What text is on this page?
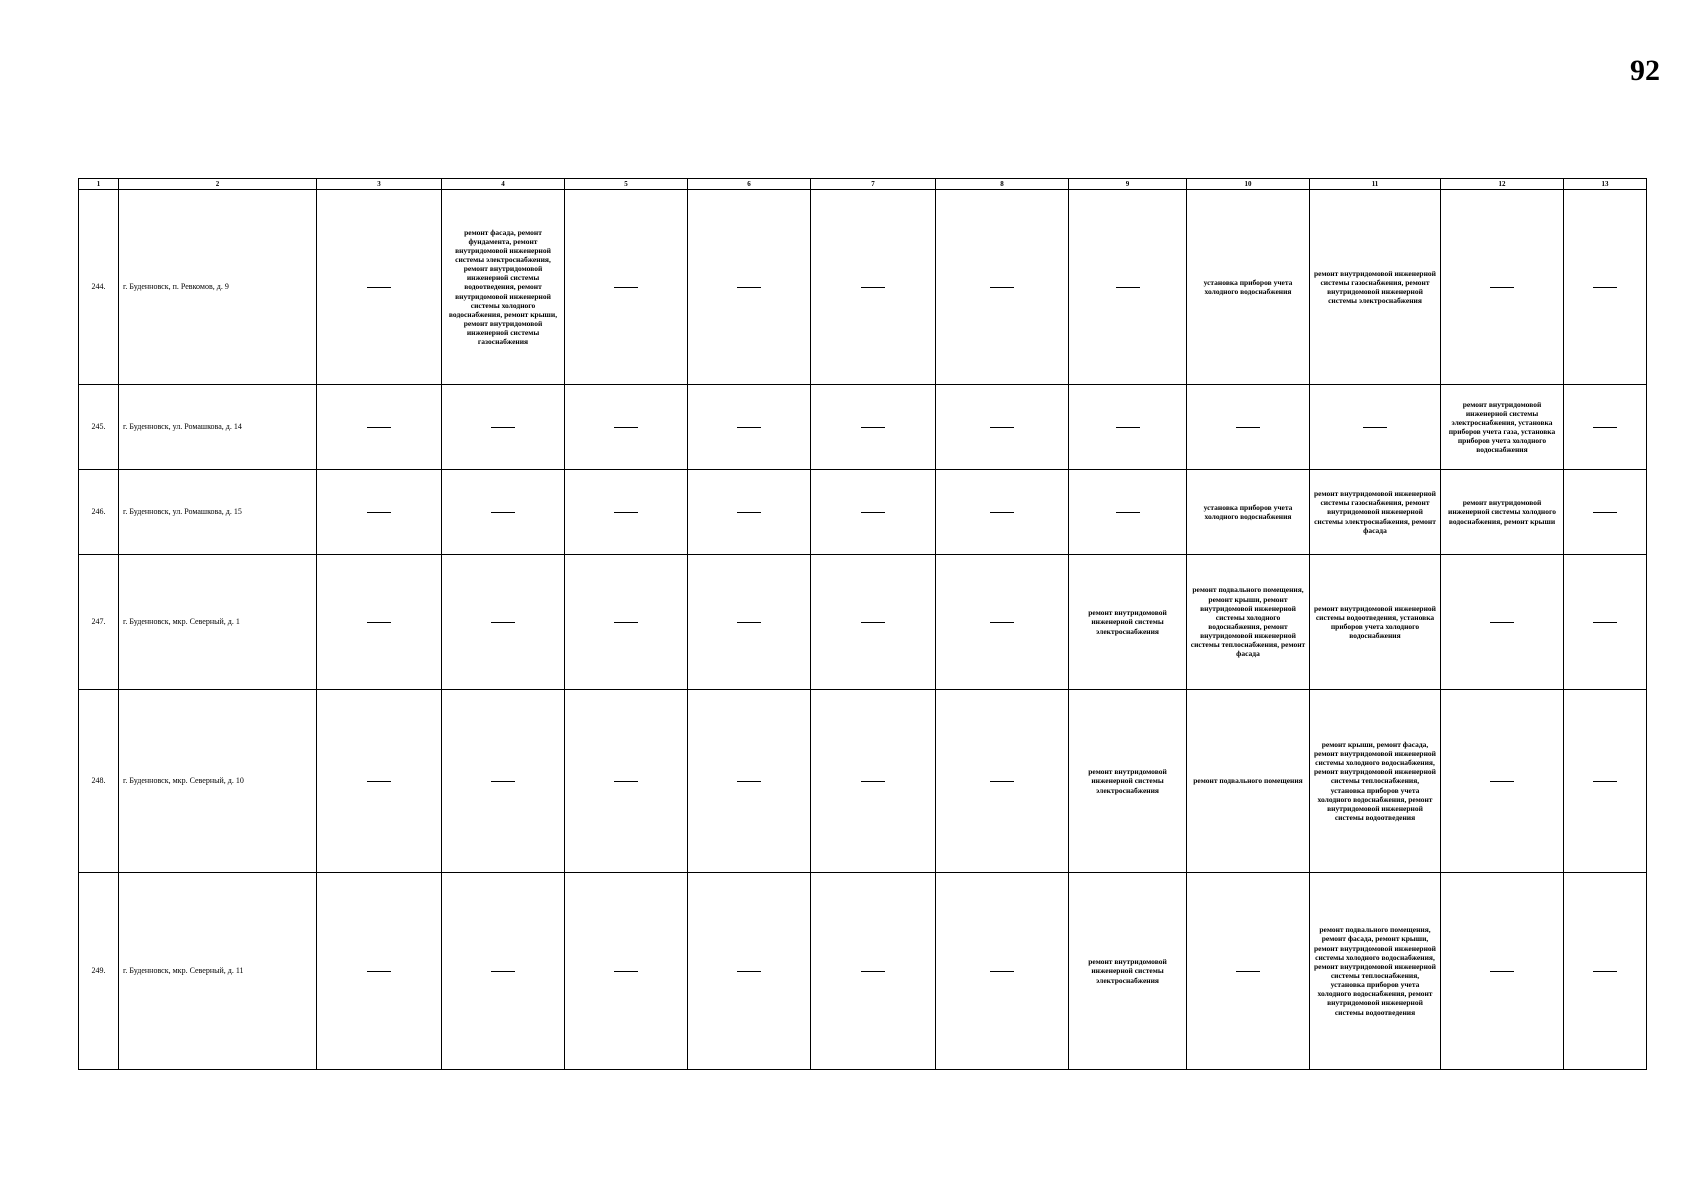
92
1	2	3	4	5	6	7	8	9	10	11	12	13
244.	г. Буденновск, п. Ревкомов, д. 9		ремонт фасада, ремонт фундамента, ремонт внутридомовой инженерной системы электроснабжения, ремонт внутридомовой инженерной системы водоотведения, ремонт внутридомовой инженерной системы холодного водоснабжения, ремонт крыши, ремонт внутридомовой инженерной системы газоснабжения						установка приборов учета холодного водоснабжения	ремонт внутридомовой инженерной системы газоснабжения, ремонт внутридомовой инженерной системы электроснабжения		
245.	г. Буденновск, ул. Ромашкова, д. 14										ремонт внутридомовой инженерной системы электроснабжения, установка приборов учета газа, установка приборов учета холодного водоснабжения	
246.	г. Буденновск, ул. Ромашкова, д. 15								установка приборов учета холодного водоснабжения	ремонт внутридомовой инженерной системы газоснабжения, ремонт внутридомовой инженерной системы электроснабжения, ремонт фасада	ремонт внутридомовой инженерной системы холодного водоснабжения, ремонт крыши	
247.	г. Буденновск, мкр. Северный, д. 1							ремонт внутридомовой инженерной системы электроснабжения	ремонт подвального помещения, ремонт крыши, ремонт внутридомовой инженерной системы холодного водоснабжения, ремонт внутридомовой инженерной системы теплоснабжения, ремонт фасада	ремонт внутридомовой инженерной системы водоотведения, установка приборов учета холодного водоснабжения		
248.	г. Буденновск, мкр. Северный, д. 10							ремонт внутридомовой инженерной системы электроснабжения	ремонт подвального помещения	ремонт крыши, ремонт фасада, ремонт внутридомовой инженерной системы холодного водоснабжения, ремонт внутридомовой инженерной системы теплоснабжения, установка приборов учета холодного водоснабжения, ремонт внутридомовой инженерной системы водоотведения		
249.	г. Буденновск, мкр. Северный, д. 11							ремонт внутридомовой инженерной системы электроснабжения		ремонт подвального помещения, ремонт фасада, ремонт крыши, ремонт внутридомовой инженерной системы холодного водоснабжения, ремонт внутридомовой инженерной системы теплоснабжения, установка приборов учета холодного водоснабжения, ремонт внутридомовой инженерной системы водоотведения		
